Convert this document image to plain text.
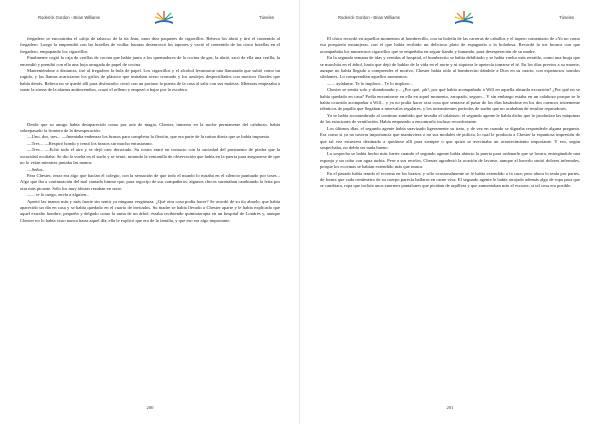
Roderick Gordon - Brian Williams	Túneles

fregadero se encontraba el «alijo de tabaco» de la tía Jean, unos diez paquetes de cigarrillos. Rebeca los abrió y tiró el contenido al fregadero. Luego la emprendió con las botellas de vodka: baratas desenroscó los tapones y vació el contenido de las cinco botellas en el fregadero, empapando los cigarrillos.

Finalmente cogió la caja de cerillas de cocina que había junto a los quemadores de la cocina de gas, la abrió, sacó de ella una cerilla, la encendió y prendió con ella una hoja arrugada de papel de cocina.

Manteniéndose a distancia, tiró al fregadero la bola de papel. Los cigarrillos y el alcohol levantaron una llamarada que subió como un rugido, y las llamas acariciaron los grifos de plástico que imitaban acero cromado y los azulejos desportillados con motivos florales que había detrás. Rebeca no se quedó allí para disfrutarlo: cerró con un portazo la puerta de la casa al salir con sus maletas. Mientras empezaba a sonar la sirena de la alarma antiincendios, cruzó el relleno y empezó a bajar por la escalera.

Desde que su amigo había desaparecido como por arte de magia, Chester, inmerso en la noche permanente del calabozo, había sobrepasado la frontera de la desesperación.

—Uno, dos, tres... —Intentaba endenzar los brazos para completar la flexión, que era parte de la rutina diaria que se había impuesto.

—Tres... —Respiró hondo y tensó los brazos sin mucho entusiasmo.

—Tres... —Echó todo el aire y se dejó caer derrotado. Su rostro entró en contacto con la suciedad del pavimento de piedra que la oscuridad ocultaba. Se dio la vuelta en el suelo y se sentó, mirando la ventanilla de observación que había en la puerta para asegurarse de que no lo veían mientras juntaba las manos.

—Señor...

Para Chester, rezar era algo que hacían el colegio, con la sensación de que todo el mundo lo miraba en el silencio puntuado por toses... Algo que iba a continuación del mal cantado himno que, para regocijo de sus compañeros, algunos chicos sazonaban cambiando la letra por otra más picante. Sólo los muy idiotas rezaban en serio.

—... te lo ruego, envía a alguien...

Apretó las manos más y más fuerte sin sentir ya ninguna vergüenza. ¿Qué otra cosa podía hacer? Se acordó de su tío abuelo, que había aparecido un día en casa y se había quedado en el cuarto de invitados. Su madre se había llevado a Chester aparte y le había explicado que aquel extraño hombre, pequeño y delgado como la rama de un árbol, estaba recibiendo quimioterapia en un hospital de Londres y, aunque Chester no lo había visto nunca hasta aquel día, ella le explicó que era de la familia, y que eso era algo importante.

200
Roderick Gordon - Brian Williams	Túneles

El chico recordó en aquellos momentos al hombrecillo, con su boletín de las carreras de caballos y el áspero comentario de «Yo no como esa porquería extranjera» con el que había recibido un delicioso plato de espaguetis a la boloñesa. Recordó la tos bronca con que acompañaba los numerosos cigarrillos que se empeñaba en seguir liando y fumando, para desesperación de su madre.

En la segunda semana de idas y venidas al hospital, el hombrecito se había debilitado y se había vuelto más retraído, como una bruja que se marchita en el árbol, hasta que dejó de hablar de la vida en el norte y ni siquiera le apetecía tomarse el té. En los días previos a su muerte, aunque no había llegado a comprender el motivo, Chester había oído al hombrecito dándole a Dios en su cuarto, con espantosos sonidos sibilantes. Lo comprendían aquellos momentos:

—... ayúdame. Te lo imploro... Te lo imploro...

Chester se sentía solo y abandonado y... ¿Por qué, ¡ah!, por qué había acompañado a Will en aquella absurda excursión? ¿Por qué no se había quedado en casa? Podía encontrarse en ella en aquel momento, arropado, seguro... Y sin embargo estaba en un calabozo porque se le había ocurrido acompañar a Will... y ya no podía hacer otra cosa que sentarse al pasar de los días basándose en los dos cuencos tristemente idénticos de papilla que llegaban a intervalos regulares, y los intermitentes períodos de sueño que no acababan de resultar reparadores.

Ya se había acostumbrado al continuo zumbido que invadía el calabozo: el segundo agente le había dicho que lo producían las máquinas de las estaciones de ventilación. Había empezado a encontrarlo incluso reconfortante.

Los últimos días, el segundo agente había suavizado ligeramente su trato, y de vez en cuando se dignaba responderle alguna pregunta. Era como si ya no tuviera importancia que mantuviera o no sus modales de policía, lo cual le producía a Chester la espantosa impresión de que tal vez estuviera destinado a quedarse allí para siempre o que quizá se avecinaba un acontecimiento importante. Y eso, según sospechaba, no debía ser nada bueno.

La sospecha se había hecho más fuerte cuando el segundo agente había abierto la puerta para ordenarle que se lavara, entregándole una esponja y un cubo con agua turbia. Pese a sus recelos, Chester agradeció la ocasión de lavarse, aunque al hacerlo sintió dolores infernales, porque los eccemas se habían extendido más que nunca.

En el pasado había tenido el eccema en los brazos, y sólo ocasionalmente se le había extendido a la cara; pero ahora lo tenía por partes, de forma que cada centímetro de su cuerpo parecía hallarse en carne viva. El segundo agente le había arrojado además algo de ropa para que se cambiara, ropa que incluía unos enormes pantalones que picaban de arpillera y que aumentaban más el escozor, si tal cosa era posible.

201
